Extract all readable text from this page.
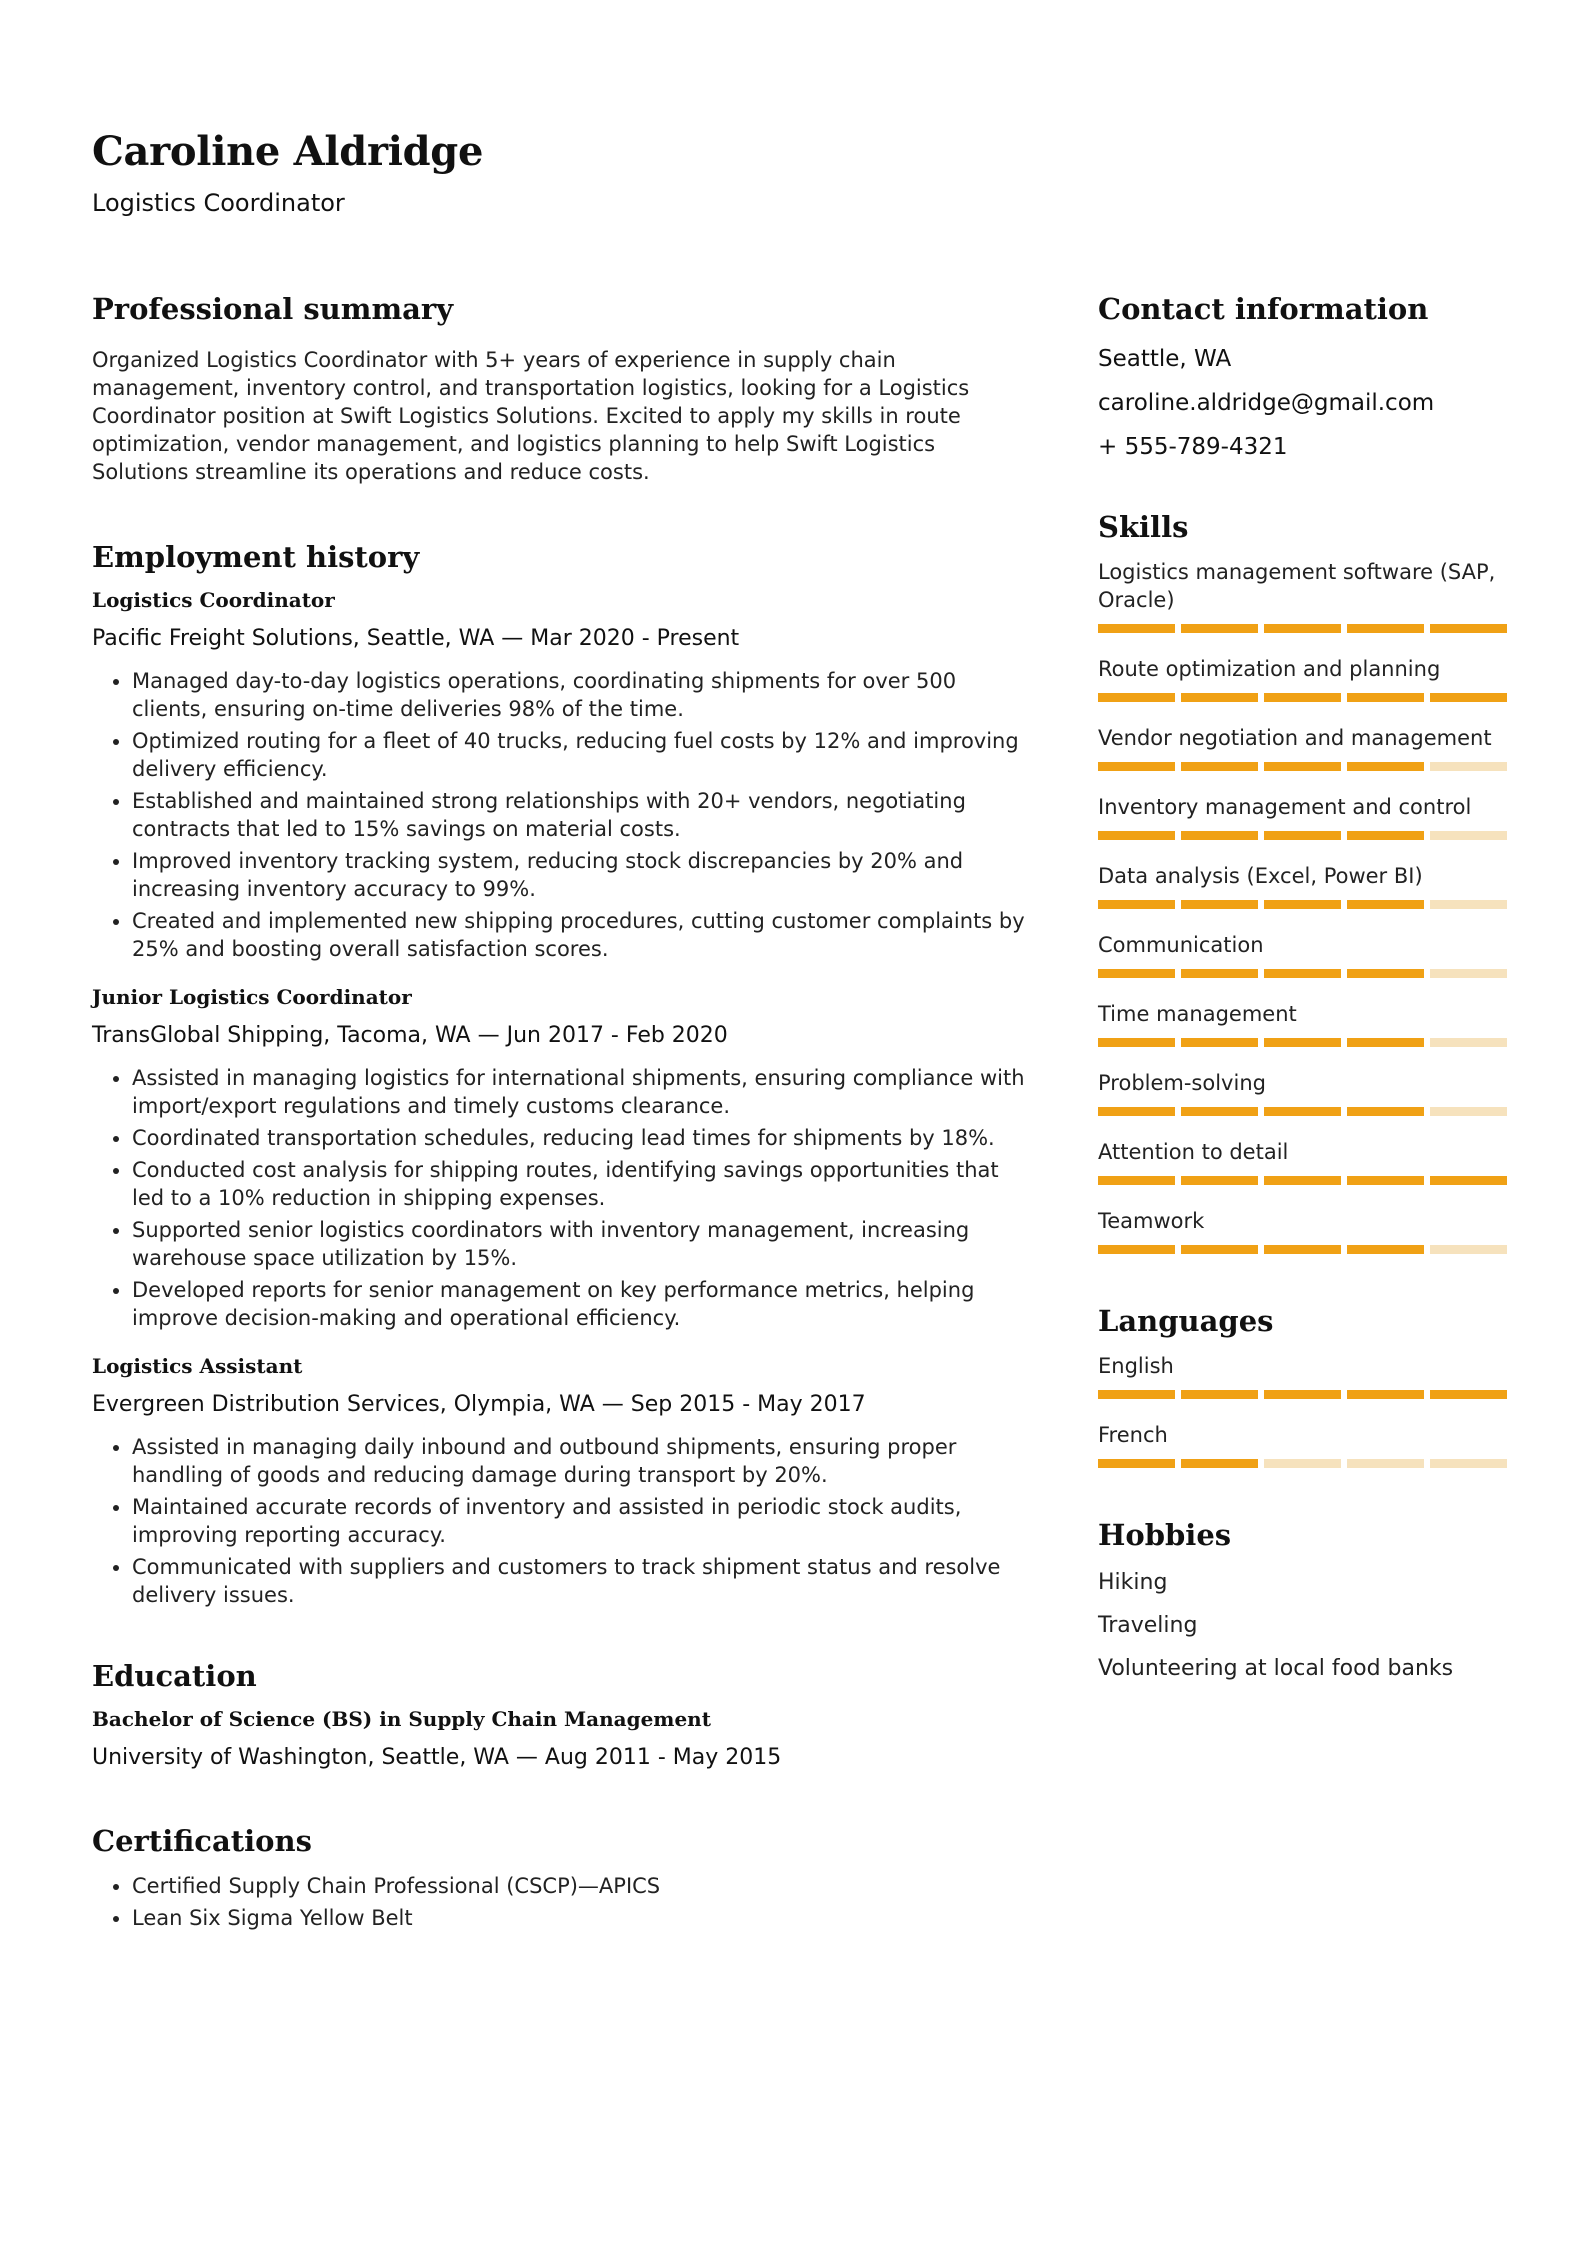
Caroline Aldridge
Logistics Coordinator
Professional summary

Organized Logistics Coordinator with 5+ years of experience in supply chain management, inventory control, and transportation logistics, looking for a Logistics Coordinator position at Swift Logistics Solutions. Excited to apply my skills in route optimization, vendor management, and logistics planning to help Swift Logistics Solutions streamline its operations and reduce costs.

Employment history
Logistics Coordinator
Pacific Freight Solutions, Seattle, WA — Mar 2020 - Present
• Managed day-to-day logistics operations, coordinating shipments for over 500 clients, ensuring on-time deliveries 98% of the time.
• Optimized routing for a fleet of 40 trucks, reducing fuel costs by 12% and improving delivery efficiency.
• Established and maintained strong relationships with 20+ vendors, negotiating contracts that led to 15% savings on material costs.
• Improved inventory tracking system, reducing stock discrepancies by 20% and increasing inventory accuracy to 99%.
• Created and implemented new shipping procedures, cutting customer complaints by 25% and boosting overall satisfaction scores.
Junior Logistics Coordinator
TransGlobal Shipping, Tacoma, WA — Jun 2017 - Feb 2020
• Assisted in managing logistics for international shipments, ensuring compliance with import/export regulations and timely customs clearance.
• Coordinated transportation schedules, reducing lead times for shipments by 18%.
• Conducted cost analysis for shipping routes, identifying savings opportunities that led to a 10% reduction in shipping expenses.
• Supported senior logistics coordinators with inventory management, increasing warehouse space utilization by 15%.
• Developed reports for senior management on key performance metrics, helping improve decision-making and operational efficiency.
Logistics Assistant
Evergreen Distribution Services, Olympia, WA — Sep 2015 - May 2017
• Assisted in managing daily inbound and outbound shipments, ensuring proper handling of goods and reducing damage during transport by 20%.
• Maintained accurate records of inventory and assisted in periodic stock audits, improving reporting accuracy.
• Communicated with suppliers and customers to track shipment status and resolve delivery issues.
Education
Bachelor of Science (BS) in Supply Chain Management
University of Washington, Seattle, WA — Aug 2011 - May 2015
Certifications
• Certified Supply Chain Professional (CSCP)—APICS
• Lean Six Sigma Yellow Belt
Contact information
Seattle, WA
caroline.aldridge@gmail.com
+ 555-789-4321
Skills
Logistics management software (SAP, Oracle)
Route optimization and planning
Vendor negotiation and management
Inventory management and control
Data analysis (Excel, Power BI)
Communication
Time management
Problem-solving
Attention to detail
Teamwork
Languages
English
French
Hobbies
Hiking
Traveling
Volunteering at local food banks
